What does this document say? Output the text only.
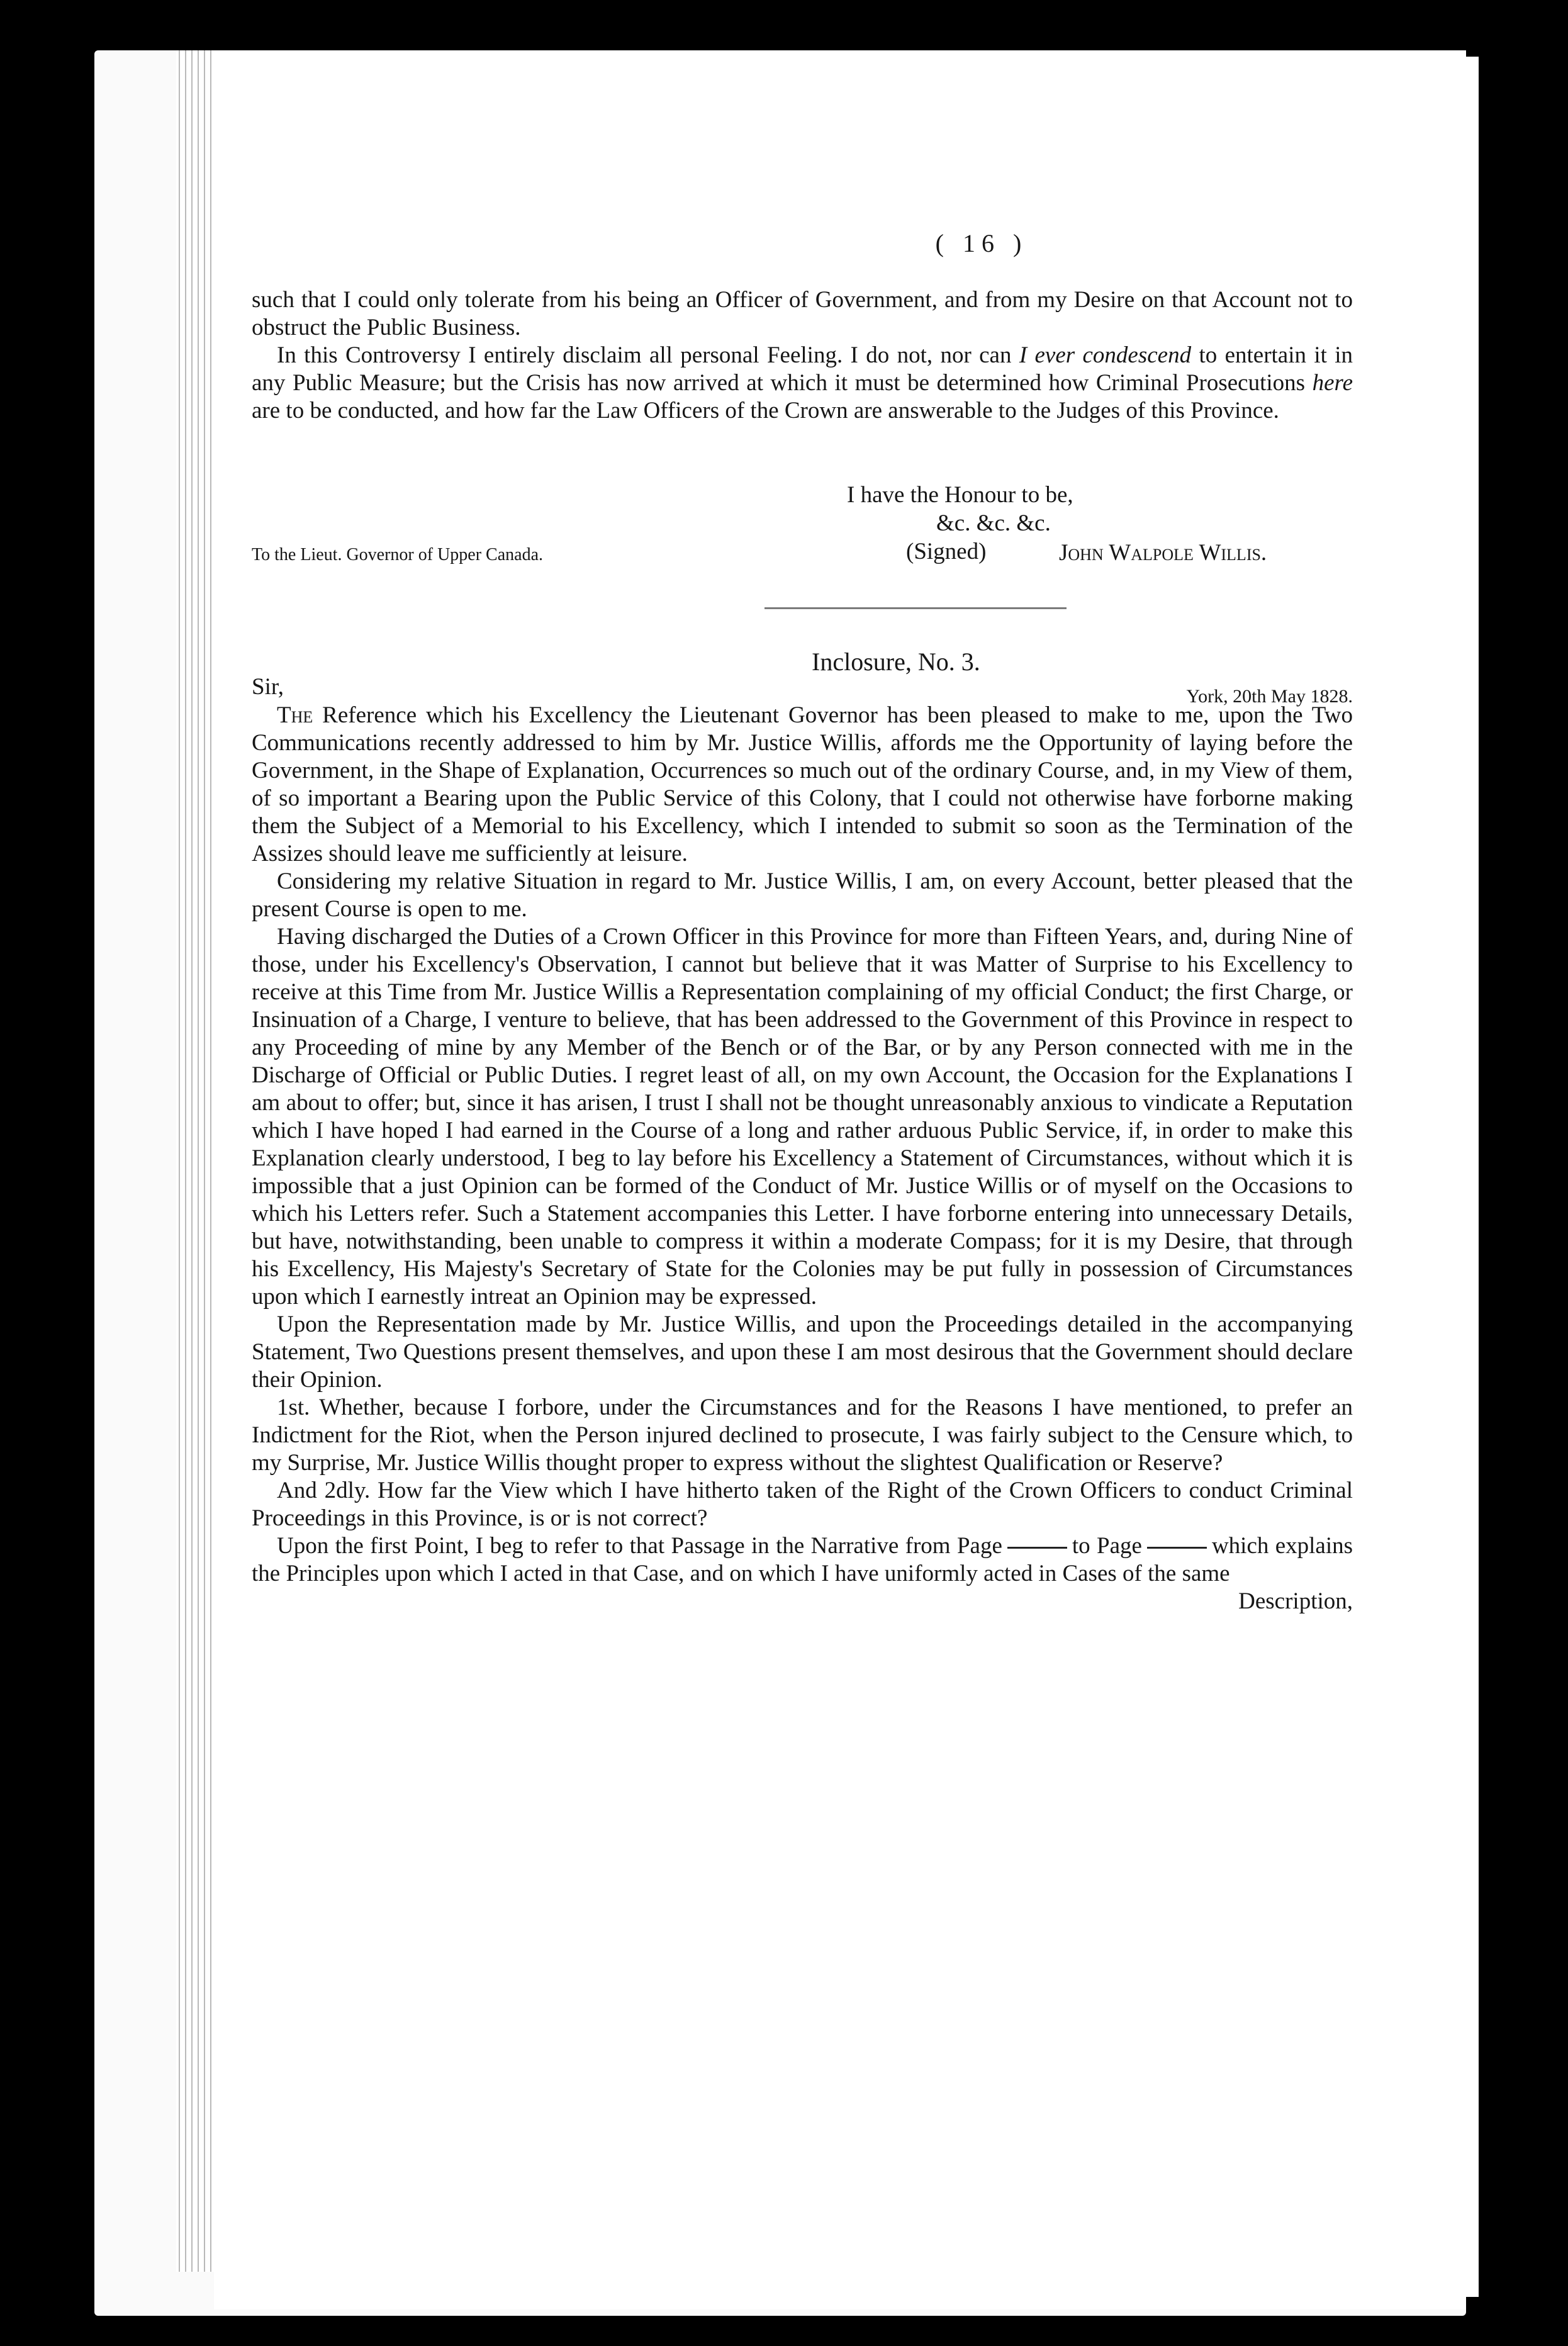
( 16 )

such that I could only tolerate from his being an Officer of Government, and from my Desire on that Account not to obstruct the Public Business.

In this Controversy I entirely disclaim all personal Feeling. I do not, nor can I ever condescend to entertain it in any Public Measure; but the Crisis has now arrived at which it must be determined how Criminal Prosecutions here are to be conducted, and how far the Law Officers of the Crown are answerable to the Judges of this Province.

I have the Honour to be,
&c. &c. &c.
To the Lieut. Governor of Upper Canada.	(Signed)	John Walpole Willis.
Inclosure, No. 3.
Sir,	York, 20th May 1828.

The Reference which his Excellency the Lieutenant Governor has been pleased to make to me, upon the Two Communications recently addressed to him by Mr. Justice Willis, affords me the Opportunity of laying before the Government, in the Shape of Explanation, Occurrences so much out of the ordinary Course, and, in my View of them, of so important a Bearing upon the Public Service of this Colony, that I could not otherwise have forborne making them the Subject of a Memorial to his Excellency, which I intended to submit so soon as the Termination of the Assizes should leave me sufficiently at leisure.

Considering my relative Situation in regard to Mr. Justice Willis, I am, on every Account, better pleased that the present Course is open to me.

Having discharged the Duties of a Crown Officer in this Province for more than Fifteen Years, and, during Nine of those, under his Excellency's Observation, I cannot but believe that it was Matter of Surprise to his Excellency to receive at this Time from Mr. Justice Willis a Representation complaining of my official Conduct; the first Charge, or Insinuation of a Charge, I venture to believe, that has been addressed to the Government of this Province in respect to any Proceeding of mine by any Member of the Bench or of the Bar, or by any Person connected with me in the Discharge of Official or Public Duties. I regret least of all, on my own Account, the Occasion for the Explanations I am about to offer; but, since it has arisen, I trust I shall not be thought unreasonably anxious to vindicate a Reputation which I have hoped I had earned in the Course of a long and rather arduous Public Service, if, in order to make this Explanation clearly understood, I beg to lay before his Excellency a Statement of Circumstances, without which it is impossible that a just Opinion can be formed of the Conduct of Mr. Justice Willis or of myself on the Occasions to which his Letters refer. Such a Statement accompanies this Letter. I have forborne entering into unnecessary Details, but have, notwithstanding, been unable to compress it within a moderate Compass; for it is my Desire, that through his Excellency, His Majesty's Secretary of State for the Colonies may be put fully in possession of Circumstances upon which I earnestly intreat an Opinion may be expressed.

Upon the Representation made by Mr. Justice Willis, and upon the Proceedings detailed in the accompanying Statement, Two Questions present themselves, and upon these I am most desirous that the Government should declare their Opinion.

1st. Whether, because I forbore, under the Circumstances and for the Reasons I have mentioned, to prefer an Indictment for the Riot, when the Person injured declined to prosecute, I was fairly subject to the Censure which, to my Surprise, Mr. Justice Willis thought proper to express without the slightest Qualification or Reserve?

And 2dly. How far the View which I have hitherto taken of the Right of the Crown Officers to conduct Criminal Proceedings in this Province, is or is not correct?

Upon the first Point, I beg to refer to that Passage in the Narrative from Page	to Page	which explains the Principles upon which I acted in that Case, and on which I have uniformly acted in Cases of the same

Description,
